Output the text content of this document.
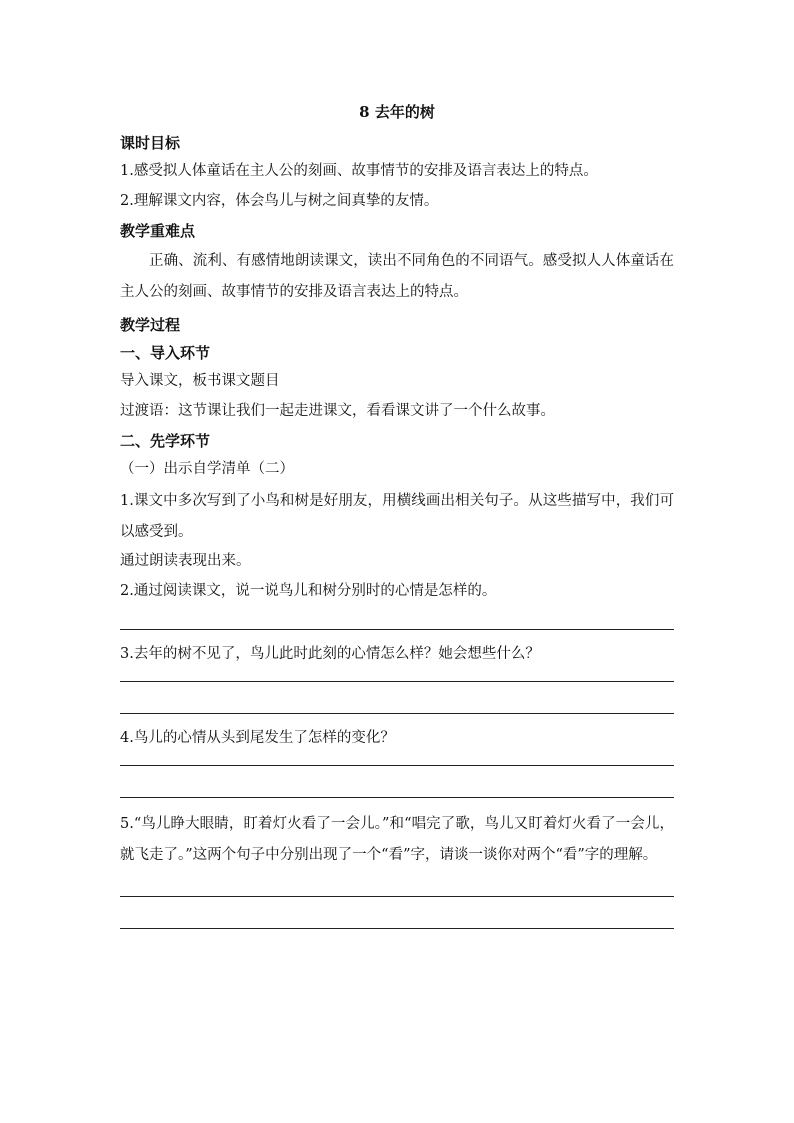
8 去年的树
课时目标
1.感受拟人体童话在主人公的刻画、故事情节的安排及语言表达上的特点。
2.理解课文内容，体会鸟儿与树之间真挚的友情。
教学重难点
正确、流利、有感情地朗读课文，读出不同角色的不同语气。感受拟人人体童话在主人公的刻画、故事情节的安排及语言表达上的特点。
教学过程
一、导入环节
导入课文，板书课文题目
过渡语：这节课让我们一起走进课文，看看课文讲了一个什么故事。
二、先学环节
（一）出示自学清单（二）
1.课文中多次写到了小鸟和树是好朋友，用横线画出相关句子。从这些描写中，我们可以感受到。
通过朗读表现出来。
2.通过阅读课文，说一说鸟儿和树分别时的心情是怎样的。
3.去年的树不见了，鸟儿此时此刻的心情怎么样？她会想些什么？
4.鸟儿的心情从头到尾发生了怎样的变化？
5.“鸟儿睁大眼睛，盯着灯火看了一会儿。”和“唱完了歌，鸟儿又盯着灯火看了一会儿，就飞走了。”这两个句子中分别出现了一个“看”字，请谈一谈你对两个“看”字的理解。
